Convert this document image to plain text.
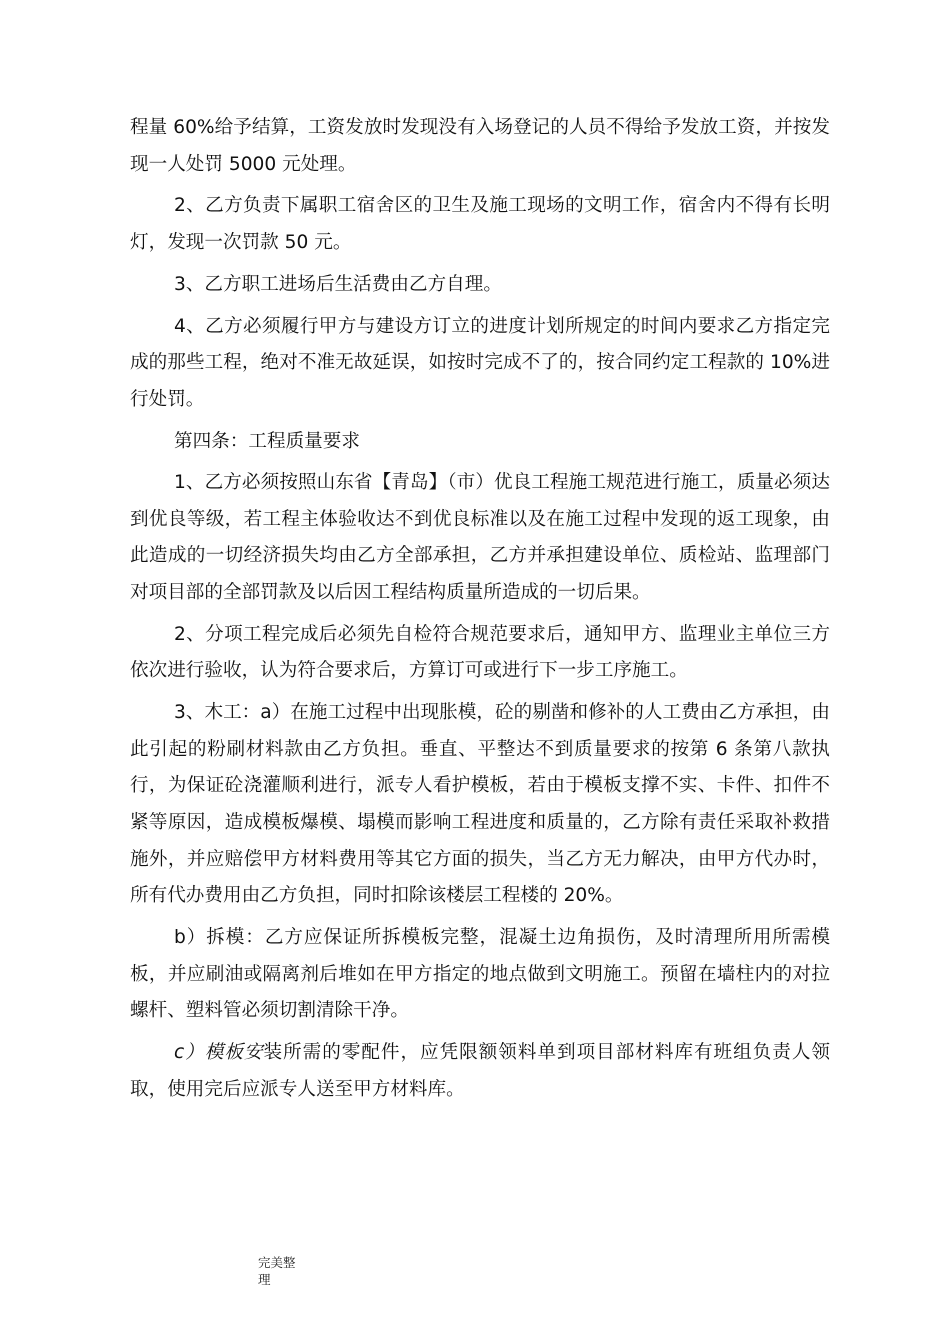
程量 60%给予结算，工资发放时发现没有入场登记的人员不得给予发放工资，并按发现一人处罚 5000 元处理。

2、乙方负责下属职工宿舍区的卫生及施工现场的文明工作，宿舍内不得有长明灯，发现一次罚款 50 元。

3、乙方职工进场后生活费由乙方自理。

4、乙方必须履行甲方与建设方订立的进度计划所规定的时间内要求乙方指定完成的那些工程，绝对不准无故延误，如按时完成不了的，按合同约定工程款的 10%进行处罚。

第四条：工程质量要求

1、乙方必须按照山东省【青岛】（市）优良工程施工规范进行施工，质量必须达到优良等级，若工程主体验收达不到优良标准以及在施工过程中发现的返工现象，由此造成的一切经济损失均由乙方全部承担，乙方并承担建设单位、质检站、监理部门对项目部的全部罚款及以后因工程结构质量所造成的一切后果。

2、分项工程完成后必须先自检符合规范要求后，通知甲方、监理业主单位三方依次进行验收，认为符合要求后，方算订可或进行下一步工序施工。

3、木工：a）在施工过程中出现胀模，砼的剔凿和修补的人工费由乙方承担，由此引起的粉刷材料款由乙方负担。垂直、平整达不到质量要求的按第 6 条第八款执行，为保证砼浇灌顺利进行，派专人看护模板，若由于模板支撑不实、卡件、扣件不紧等原因，造成模板爆模、塌模而影响工程进度和质量的，乙方除有责任采取补救措施外，并应赔偿甲方材料费用等其它方面的损失，当乙方无力解决，由甲方代办时，所有代办费用由乙方负担，同时扣除该楼层工程楼的 20%。

b）拆模：乙方应保证所拆模板完整，混凝土边角损伤，及时清理所用所需模板，并应刷油或隔离剂后堆如在甲方指定的地点做到文明施工。预留在墙柱内的对拉螺杆、塑料管必须切割清除干净。

c）模板安装所需的零配件，应凭限额领料单到项目部材料库有班组负责人领取，使用完后应派专人送至甲方材料库。

完美整
理
